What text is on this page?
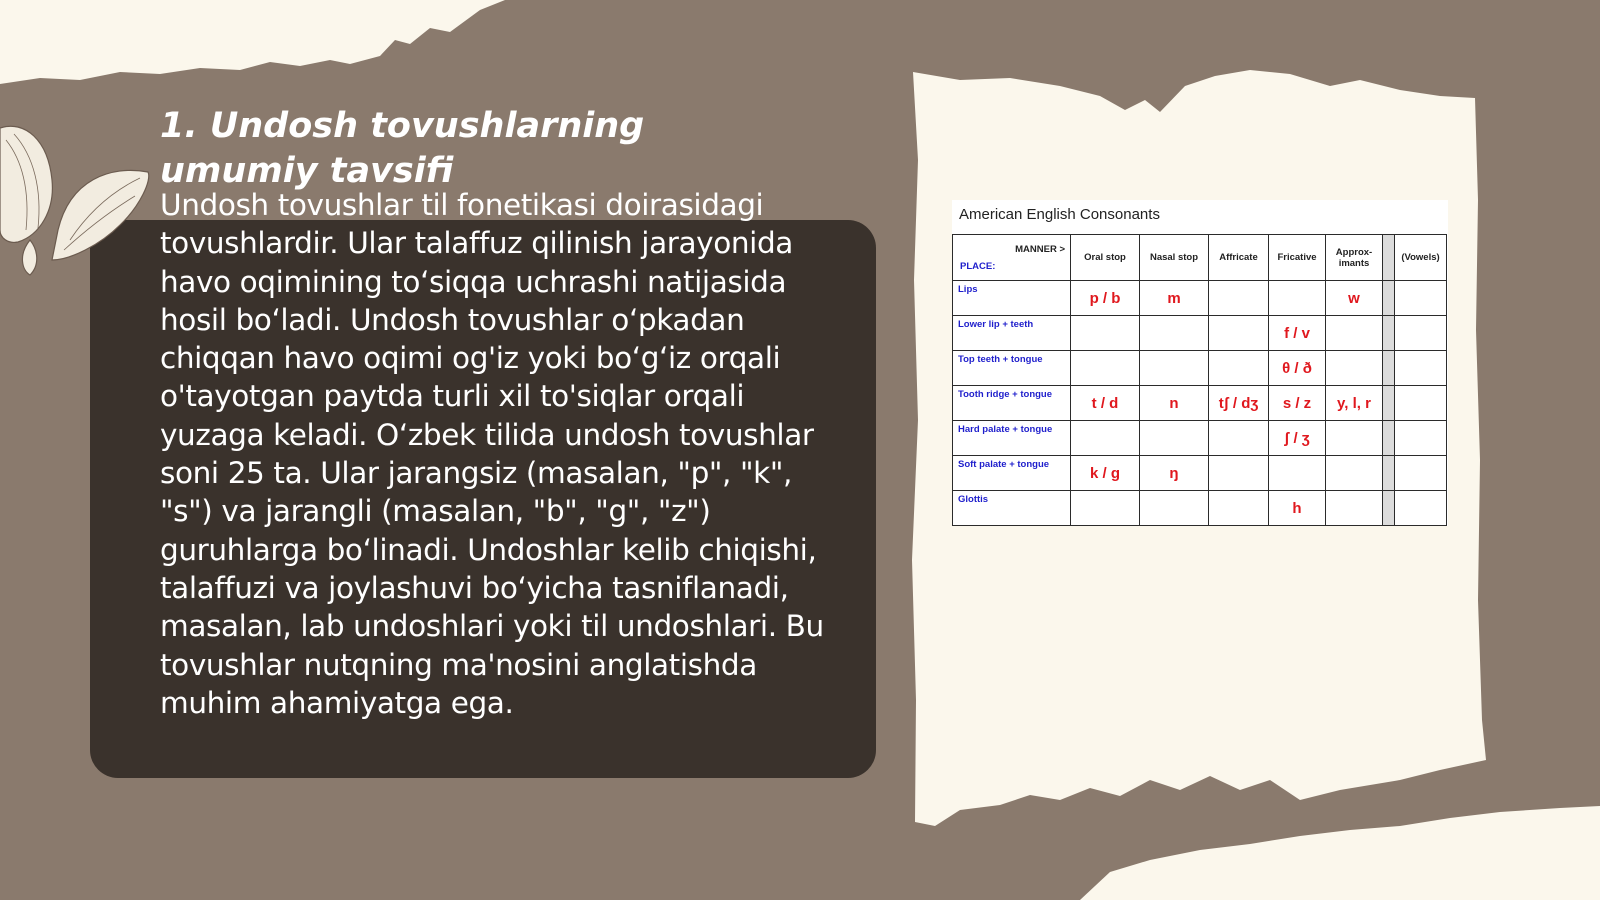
1. Undosh tovushlarning umumiy tavsifi

Undosh tovushlar til fonetikasi doirasidagi tovushlardir. Ular talaffuz qilinish jarayonida havo oqimining to‘siqqa uchrashi natijasida hosil bo‘ladi. Undosh tovushlar o‘pkadan chiqqan havo oqimi og'iz yoki bo‘g‘iz orqali o'tayotgan paytda turli xil to'siqlar orqali yuzaga keladi. O‘zbek tilida undosh tovushlar soni 25 ta. Ular jarangsiz (masalan, "p", "k", "s") va jarangli (masalan, "b", "g", "z") guruhlarga bo‘linadi. Undoshlar kelib chiqishi, talaffuzi va joylashuvi bo‘yicha tasniflanadi, masalan, lab undoshlari yoki til undoshlari. Bu tovushlar nutqning ma'nosini anglatishda muhim ahamiyatga ega.

American English Consonants
MANNER >
PLACE:	Oral stop	Nasal stop	Affricate	Fricative	Approx-imants		(Vowels)
Lips	p / b	m			w		
Lower lip + teeth				f / v			
Top teeth + tongue				θ / ð			
Tooth ridge + tongue	t / d	n	tʃ / dʒ	s / z	y, l, r		
Hard palate + tongue				ʃ / ʒ			
Soft palate + tongue	k / g	ŋ					
Glottis				h			
